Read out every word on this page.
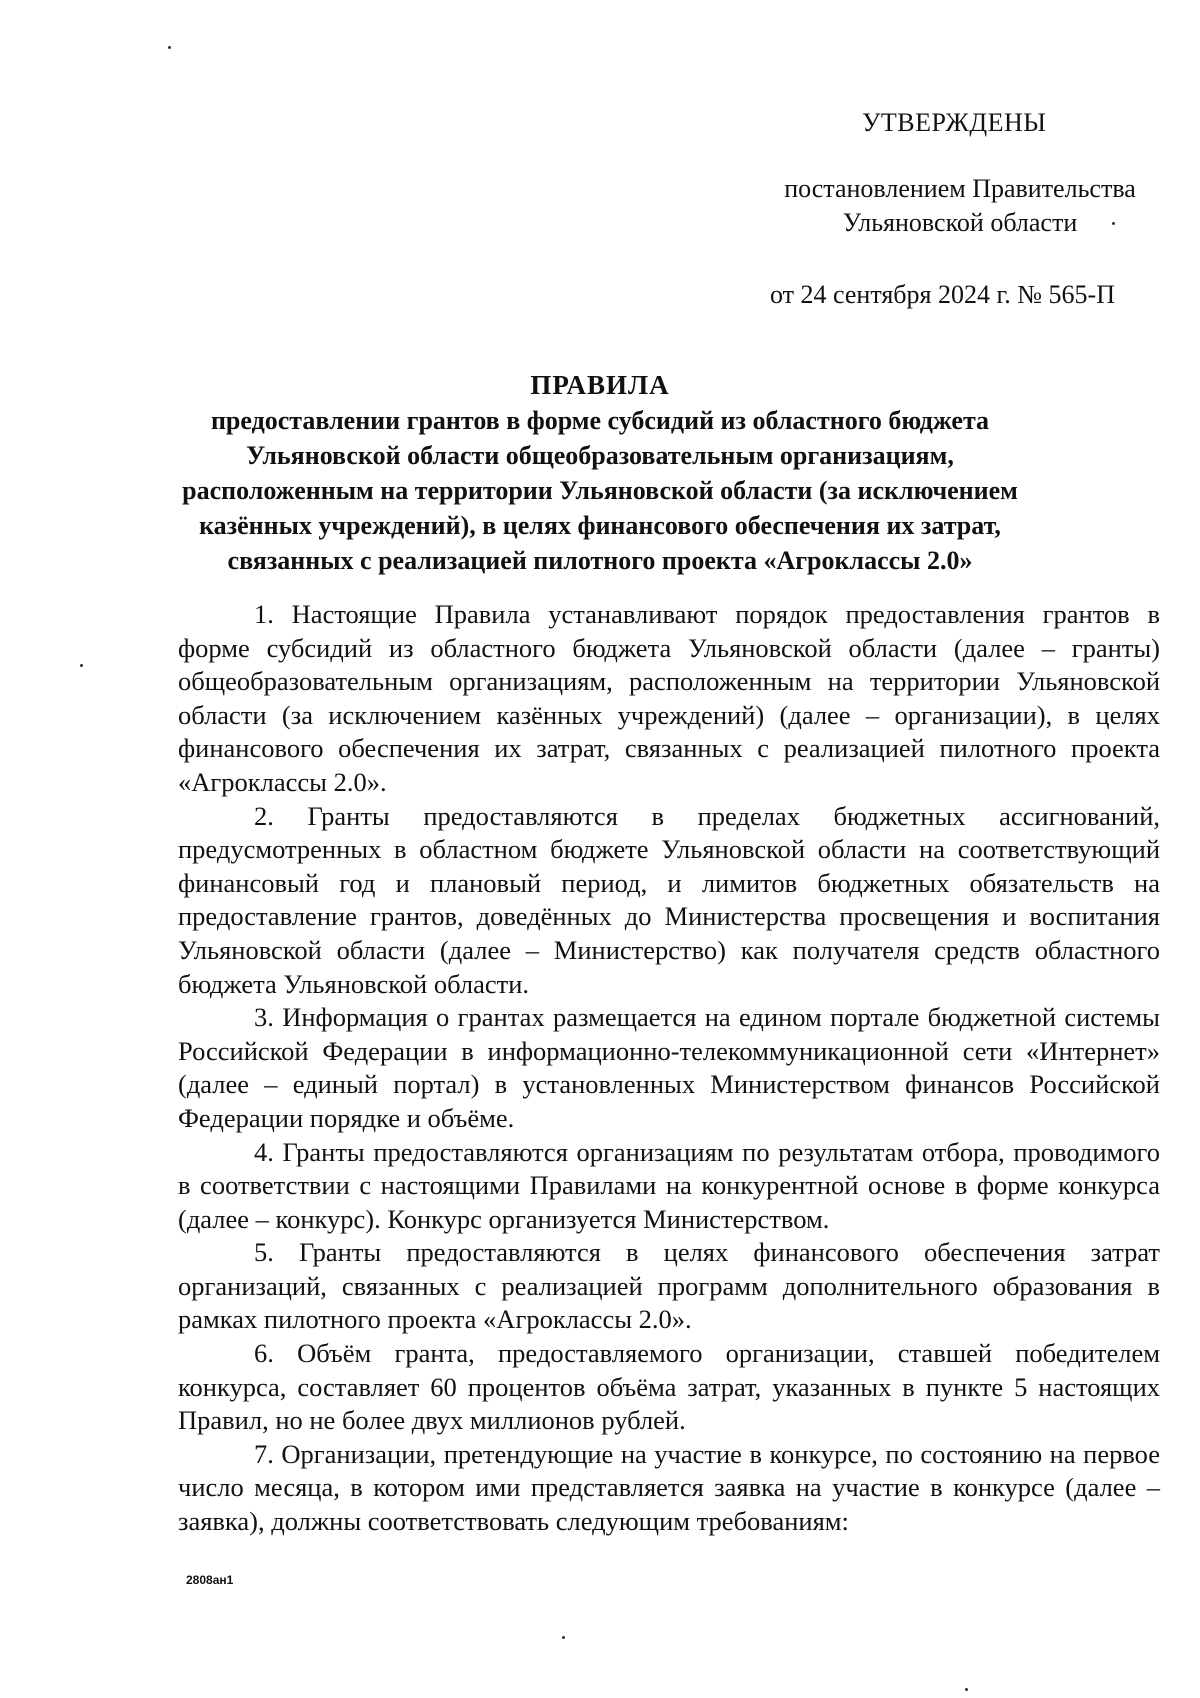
УТВЕРЖДЕНЫ
постановлением Правительства
Ульяновской области
от 24 сентября 2024 г. № 565-П
ПРАВИЛА
предоставлении грантов в форме субсидий из областного бюджета
Ульяновской области общеобразовательным организациям,
расположенным на территории Ульяновской области (за исключением
казённых учреждений), в целях финансового обеспечения их затрат,
связанных с реализацией пилотного проекта «Агроклассы 2.0»

1. Настоящие Правила устанавливают порядок предоставления грантов в форме субсидий из областного бюджета Ульяновской области (далее – гранты) общеобразовательным организациям, расположенным на территории Ульяновской области (за исключением казённых учреждений) (далее – организации), в целях финансового обеспечения их затрат, связанных с реализацией пилотного проекта «Агроклассы 2.0».

2. Гранты предоставляются в пределах бюджетных ассигнований, предусмотренных в областном бюджете Ульяновской области на соответствующий финансовый год и плановый период, и лимитов бюджетных обязательств на предоставление грантов, доведённых до Министерства просвещения и воспитания Ульяновской области (далее – Министерство) как получателя средств областного бюджета Ульяновской области.

3. Информация о грантах размещается на едином портале бюджетной системы Российской Федерации в информационно-телекоммуникационной сети «Интернет» (далее – единый портал) в установленных Министерством финансов Российской Федерации порядке и объёме.

4. Гранты предоставляются организациям по результатам отбора, проводимого в соответствии с настоящими Правилами на конкурентной основе в форме конкурса (далее – конкурс). Конкурс организуется Министерством.

5. Гранты предоставляются в целях финансового обеспечения затрат организаций, связанных с реализацией программ дополнительного образования в рамках пилотного проекта «Агроклассы 2.0».

6. Объём гранта, предоставляемого организации, ставшей победителем конкурса, составляет 60 процентов объёма затрат, указанных в пункте 5 настоящих Правил, но не более двух миллионов рублей.

7. Организации, претендующие на участие в конкурсе, по состоянию на первое число месяца, в котором ими представляется заявка на участие в конкурсе (далее – заявка), должны соответствовать следующим требованиям:

2808ан1
